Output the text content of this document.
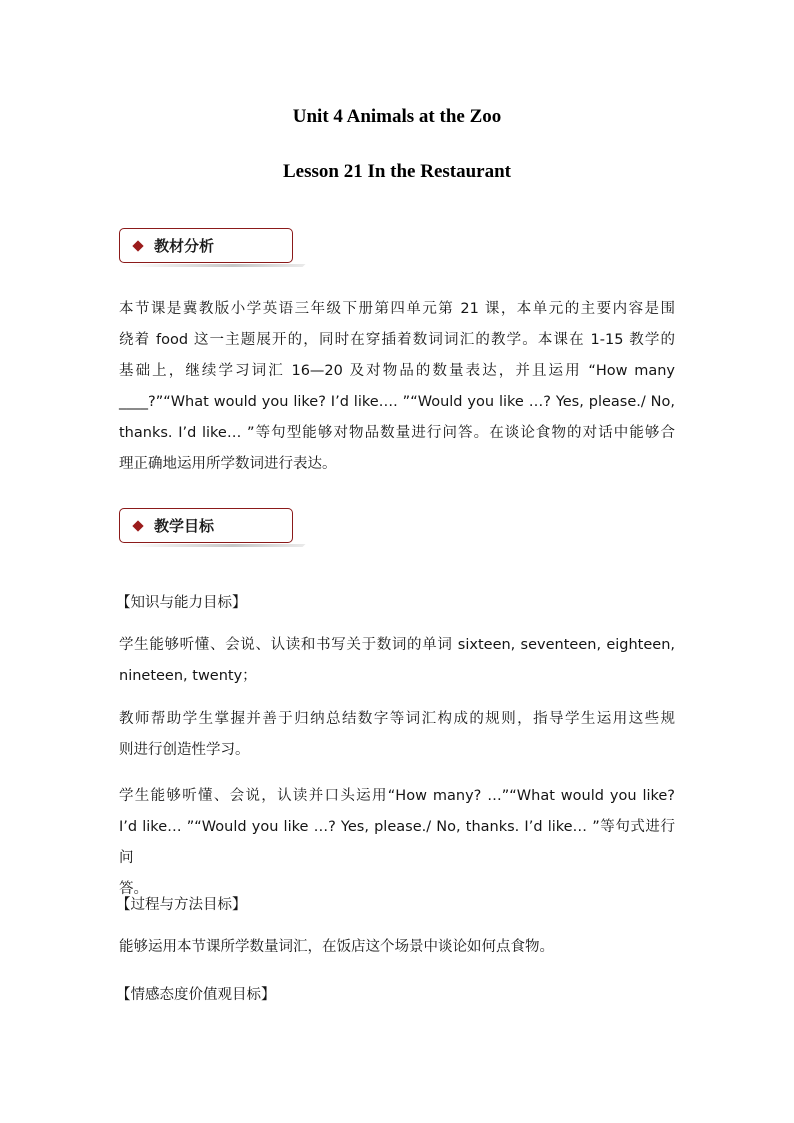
Unit 4 Animals at the Zoo
Lesson 21 In the Restaurant
教材分析

本节课是冀教版小学英语三年级下册第四单元第 21 课，本单元的主要内容是围
绕着 food 这一主题展开的，同时在穿插着数词词汇的教学。本课在 1-15 教学的
基础上，继续学习词汇 16—20 及对物品的数量表达，并且运用 “How many
____?”“What would you like? I’d like…. ”“Would you like …? Yes, please./ No,
thanks. I’d like… ”等句型能够对物品数量进行问答。在谈论食物的对话中能够合
理正确地运用所学数词进行表达。

教学目标

【知识与能力目标】

学生能够听懂、会说、认读和书写关于数词的单词 sixteen, seventeen, eighteen,
nineteen, twenty；

教师帮助学生掌握并善于归纳总结数字等词汇构成的规则，指导学生运用这些规
则进行创造性学习。

学生能够听懂、会说，认读并口头运用“How many? …”“What would you like?
I’d like… ”“Would you like …? Yes, please./ No, thanks. I’d like… ”等句式进行问
答。

【过程与方法目标】

能够运用本节课所学数量词汇，在饭店这个场景中谈论如何点食物。

【情感态度价值观目标】
